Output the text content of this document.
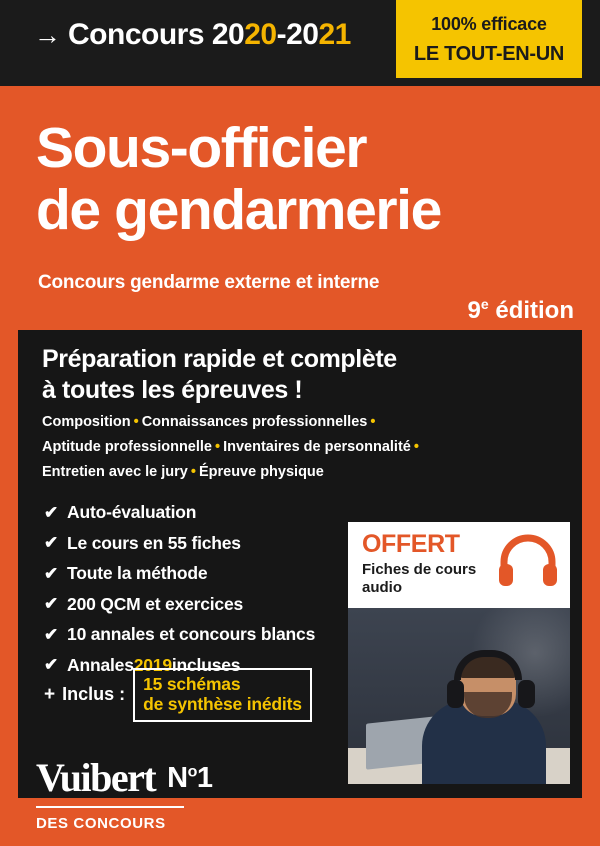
→ Concours 2020-2021	100% efficace
LE TOUT-EN-UN
Sous-officier
de gendarmerie
Concours gendarme externe et interne
9e édition
Préparation rapide et complète
à toutes les épreuves !
Composition • Connaissances professionnelles •
Aptitude professionnelle • Inventaires de personnalité •
Entretien avec le jury • Épreuve physique
✔ Auto-évaluation
✔ Le cours en 55 fiches
✔ Toute la méthode
✔ 200 QCM et exercices
✔ 10 annales et concours blancs
✔ Annales 2019 incluses
+ Inclus :
15 schémas
de synthèse inédits
OFFERT
Fiches de cours
audio
Vuibert $N^o1$
DES CONCOURS
